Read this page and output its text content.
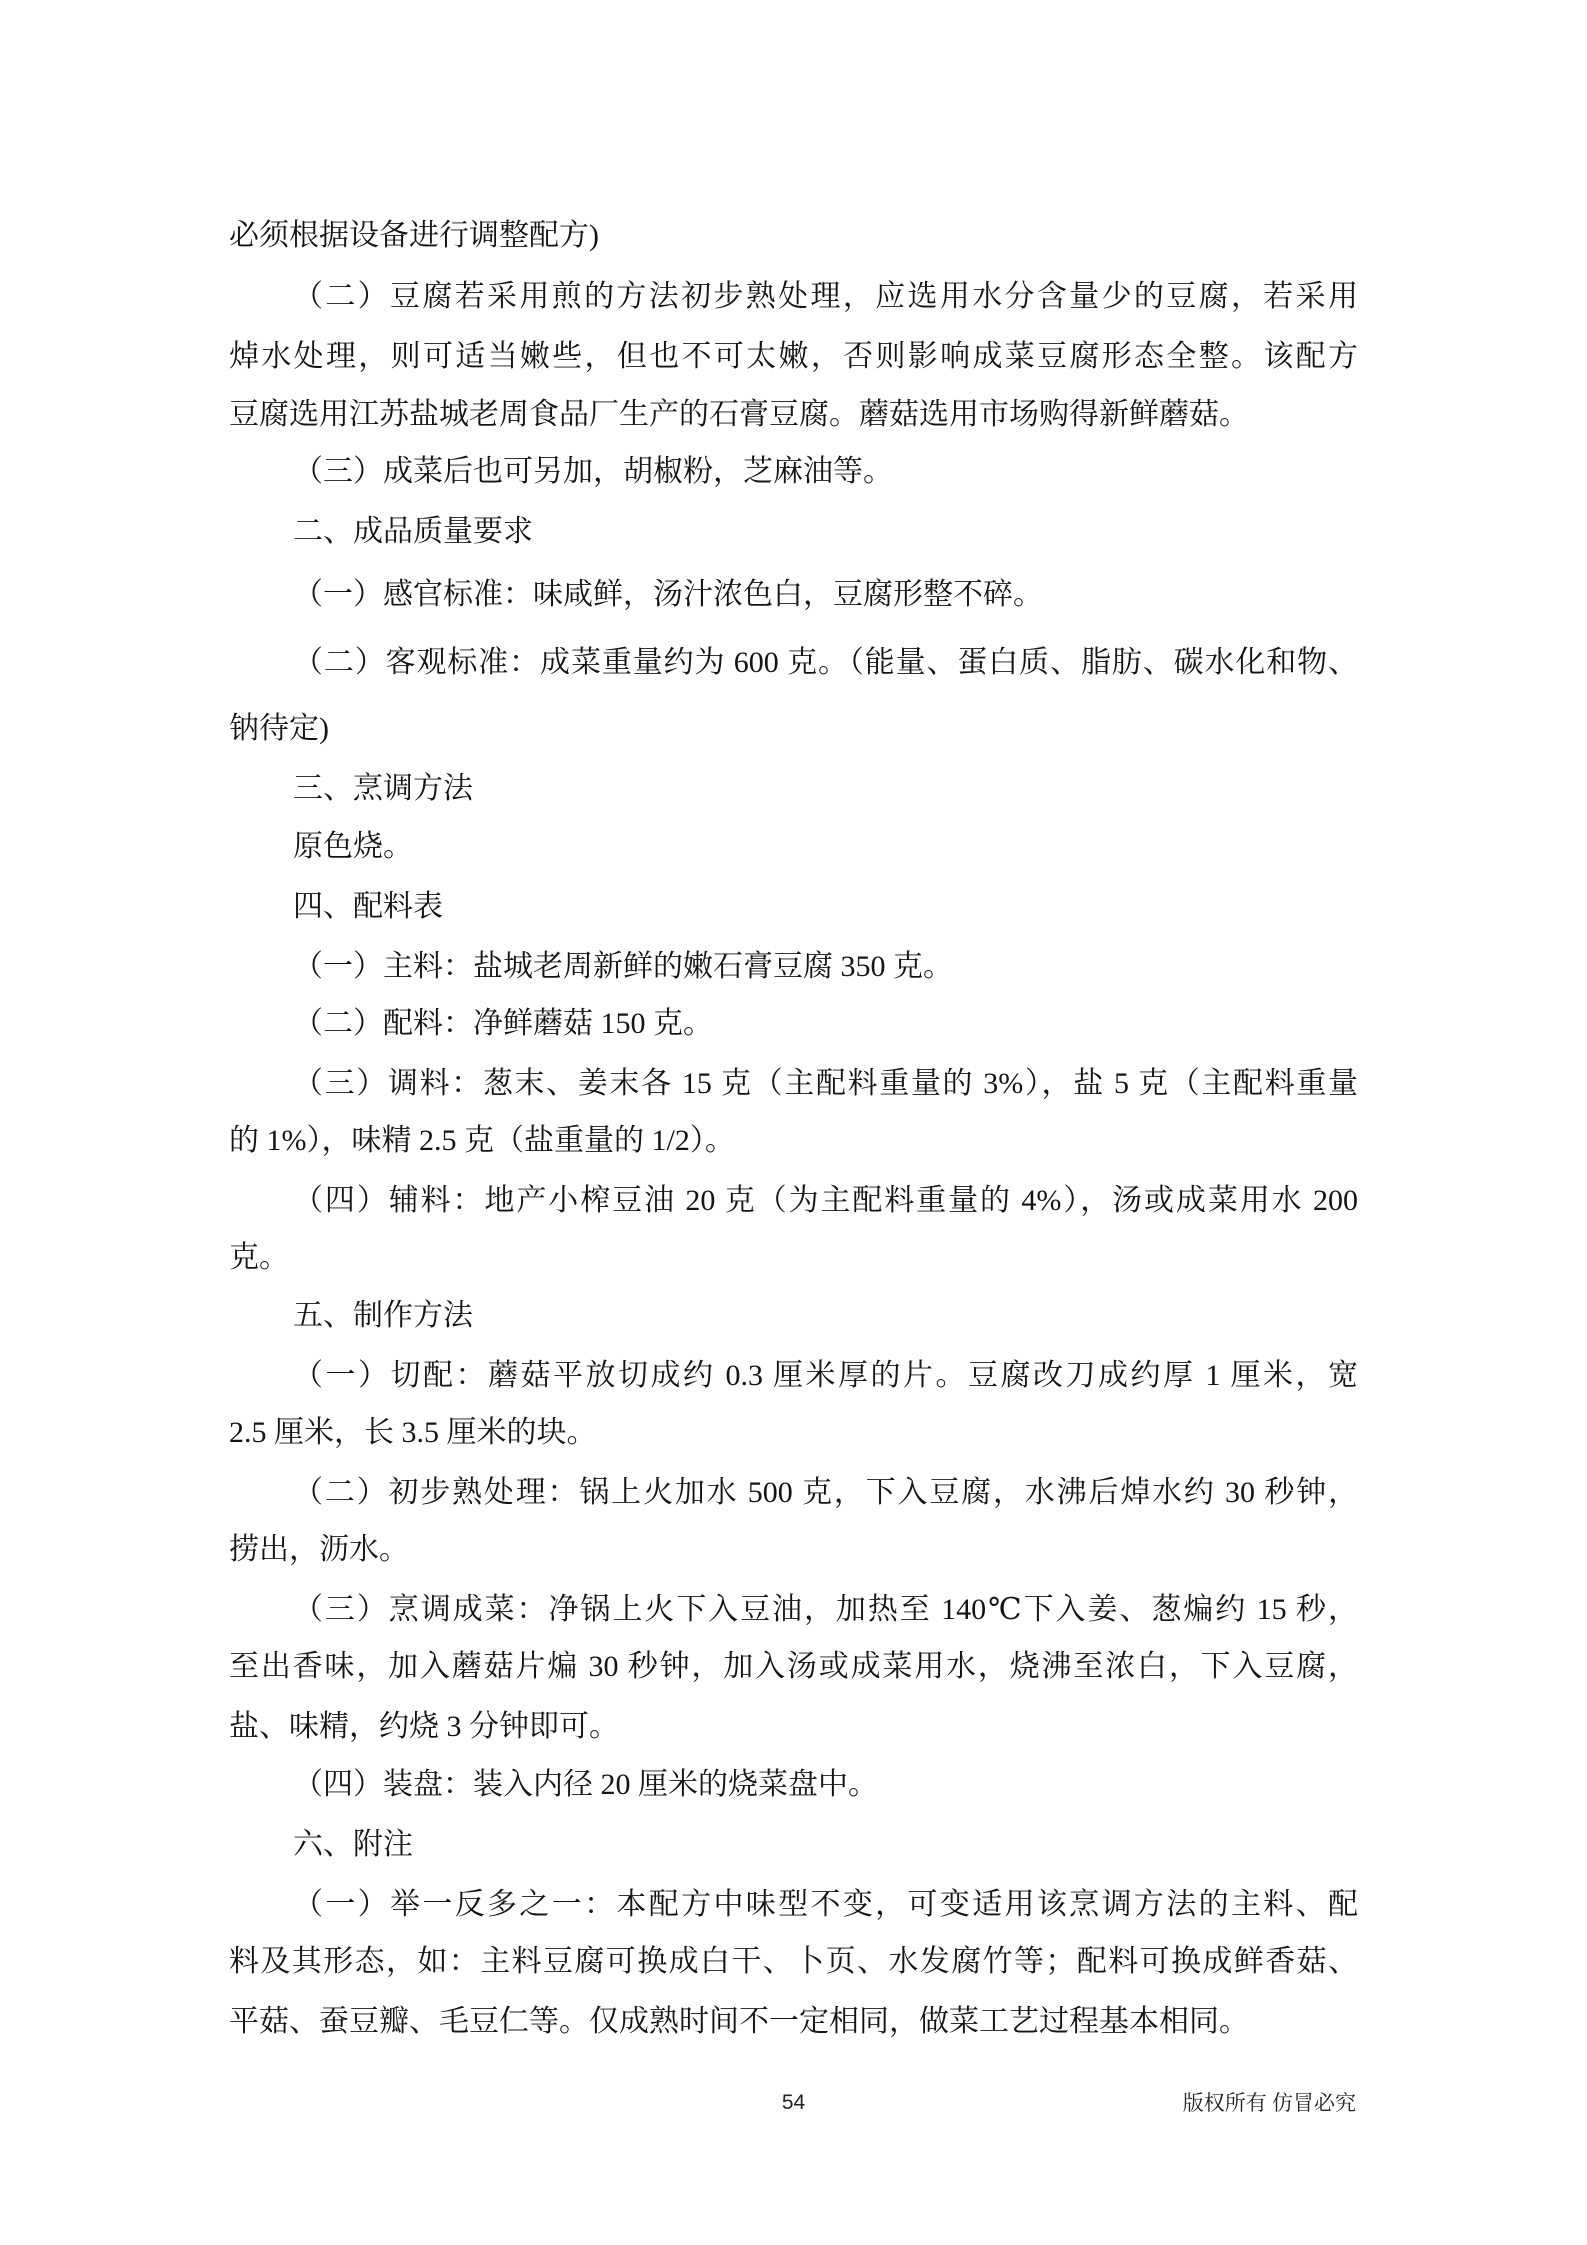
必须根据设备进行调整配方)
（二）豆腐若采用煎的方法初步熟处理，应选用水分含量少的豆腐，若采用
焯水处理，则可适当嫩些，但也不可太嫩，否则影响成菜豆腐形态全整。该配方
豆腐选用江苏盐城老周食品厂生产的石膏豆腐。蘑菇选用市场购得新鲜蘑菇。
（三）成菜后也可另加，胡椒粉，芝麻油等。
二、成品质量要求
（一）感官标准：味咸鲜，汤汁浓色白，豆腐形整不碎。
（二）客观标准：成菜重量约为 600 克。（能量、蛋白质、脂肪、碳水化和物、
钠待定)
三、烹调方法
原色烧。
四、配料表
（一）主料：盐城老周新鲜的嫩石膏豆腐 350 克。
（二）配料：净鲜蘑菇 150 克。
（三）调料：葱末、姜末各 15 克（主配料重量的 3%），盐 5 克（主配料重量
的 1%），味精 2.5 克（盐重量的 1/2）。
（四）辅料：地产小榨豆油 20 克（为主配料重量的 4%），汤或成菜用水 200
克。
五、制作方法
（一）切配：蘑菇平放切成约 0.3 厘米厚的片。豆腐改刀成约厚 1 厘米，宽
2.5 厘米，长 3.5 厘米的块。
（二）初步熟处理：锅上火加水 500 克，下入豆腐，水沸后焯水约 30 秒钟，
捞出，沥水。
（三）烹调成菜：净锅上火下入豆油，加热至 140℃下入姜、葱煸约 15 秒，
至出香味，加入蘑菇片煸 30 秒钟，加入汤或成菜用水，烧沸至浓白，下入豆腐，
盐、味精，约烧 3 分钟即可。
（四）装盘：装入内径 20 厘米的烧菜盘中。
六、附注
（一）举一反多之一：本配方中味型不变，可变适用该烹调方法的主料、配
料及其形态，如：主料豆腐可换成白干、卜页、水发腐竹等；配料可换成鲜香菇、
平菇、蚕豆瓣、毛豆仁等。仅成熟时间不一定相同，做菜工艺过程基本相同。
54	版权所有 仿冒必究
